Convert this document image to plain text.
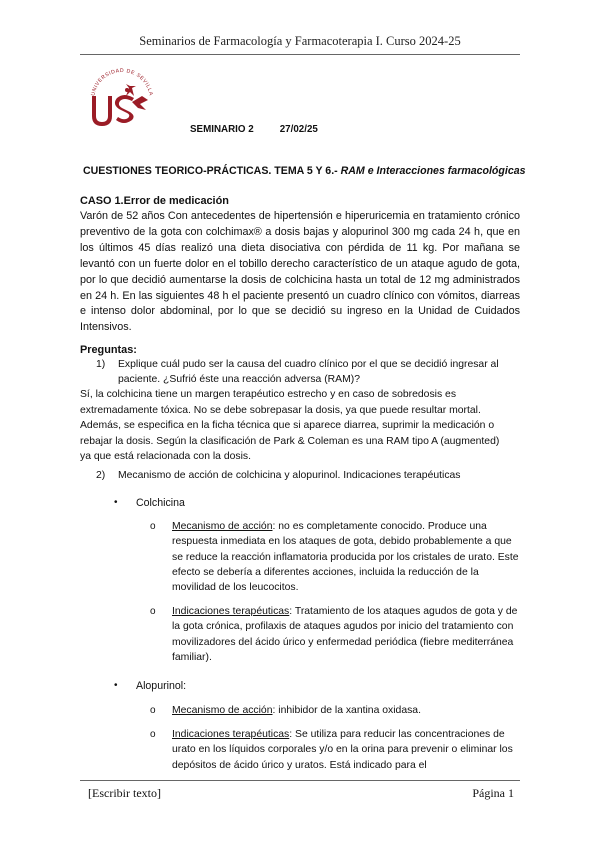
Seminarios de Farmacología y Farmacoterapia I. Curso 2024-25
UNIVERSIDAD DE SEVILLA
SEMINARIO 2	27/02/25
CUESTIONES TEORICO-PRÁCTICAS. TEMA 5 Y 6.- RAM e Interacciones farmacológicas
CASO 1.Error de medicación
Varón de 52 años Con antecedentes de hipertensión e hiperuricemia en tratamiento crónico preventivo de la gota con colchimax® a dosis bajas y alopurinol 300 mg cada 24 h, que en los últimos 45 días realizó una dieta disociativa con pérdida de 11 kg. Por mañana se levantó con un fuerte dolor en el tobillo derecho característico de un ataque agudo de gota, por lo que decidió aumentarse la dosis de colchicina hasta un total de 12 mg administrados en 24 h. En las siguientes 48 h el paciente presentó un cuadro clínico con vómitos, diarreas e intenso dolor abdominal, por lo que se decidió su ingreso en la Unidad de Cuidados Intensivos.
Preguntas:
1)	Explique cuál pudo ser la causa del cuadro clínico por el que se decidió ingresar al paciente. ¿Sufrió éste una reacción adversa (RAM)?
Sí, la colchicina tiene un margen terapéutico estrecho y en caso de sobredosis es extremadamente tóxica. No se debe sobrepasar la dosis, ya que puede resultar mortal. Además, se especifica en la ficha técnica que si aparece diarrea, suprimir la medicación o rebajar la dosis. Según la clasificación de Park & Coleman es una RAM tipo A (augmented) ya que está relacionada con la dosis.
2)	Mecanismo de acción de colchicina y alopurinol. Indicaciones terapéuticas
•	Colchicina
o	Mecanismo de acción: no es completamente conocido. Produce una respuesta inmediata en los ataques de gota, debido probablemente a que se reduce la reacción inflamatoria producida por los cristales de urato. Este efecto se debería a diferentes acciones, incluida la reducción de la movilidad de los leucocitos.
o	Indicaciones terapéuticas: Tratamiento de los ataques agudos de gota y de la gota crónica, profilaxis de ataques agudos por inicio del tratamiento con movilizadores del ácido úrico y enfermedad periódica (fiebre mediterránea familiar).
•	Alopurinol:
o	Mecanismo de acción: inhibidor de la xantina oxidasa.
o	Indicaciones terapéuticas: Se utiliza para reducir las concentraciones de urato en los líquidos corporales y/o en la orina para prevenir o eliminar los depósitos de ácido úrico y uratos. Está indicado para el
[Escribir texto]	Página 1
